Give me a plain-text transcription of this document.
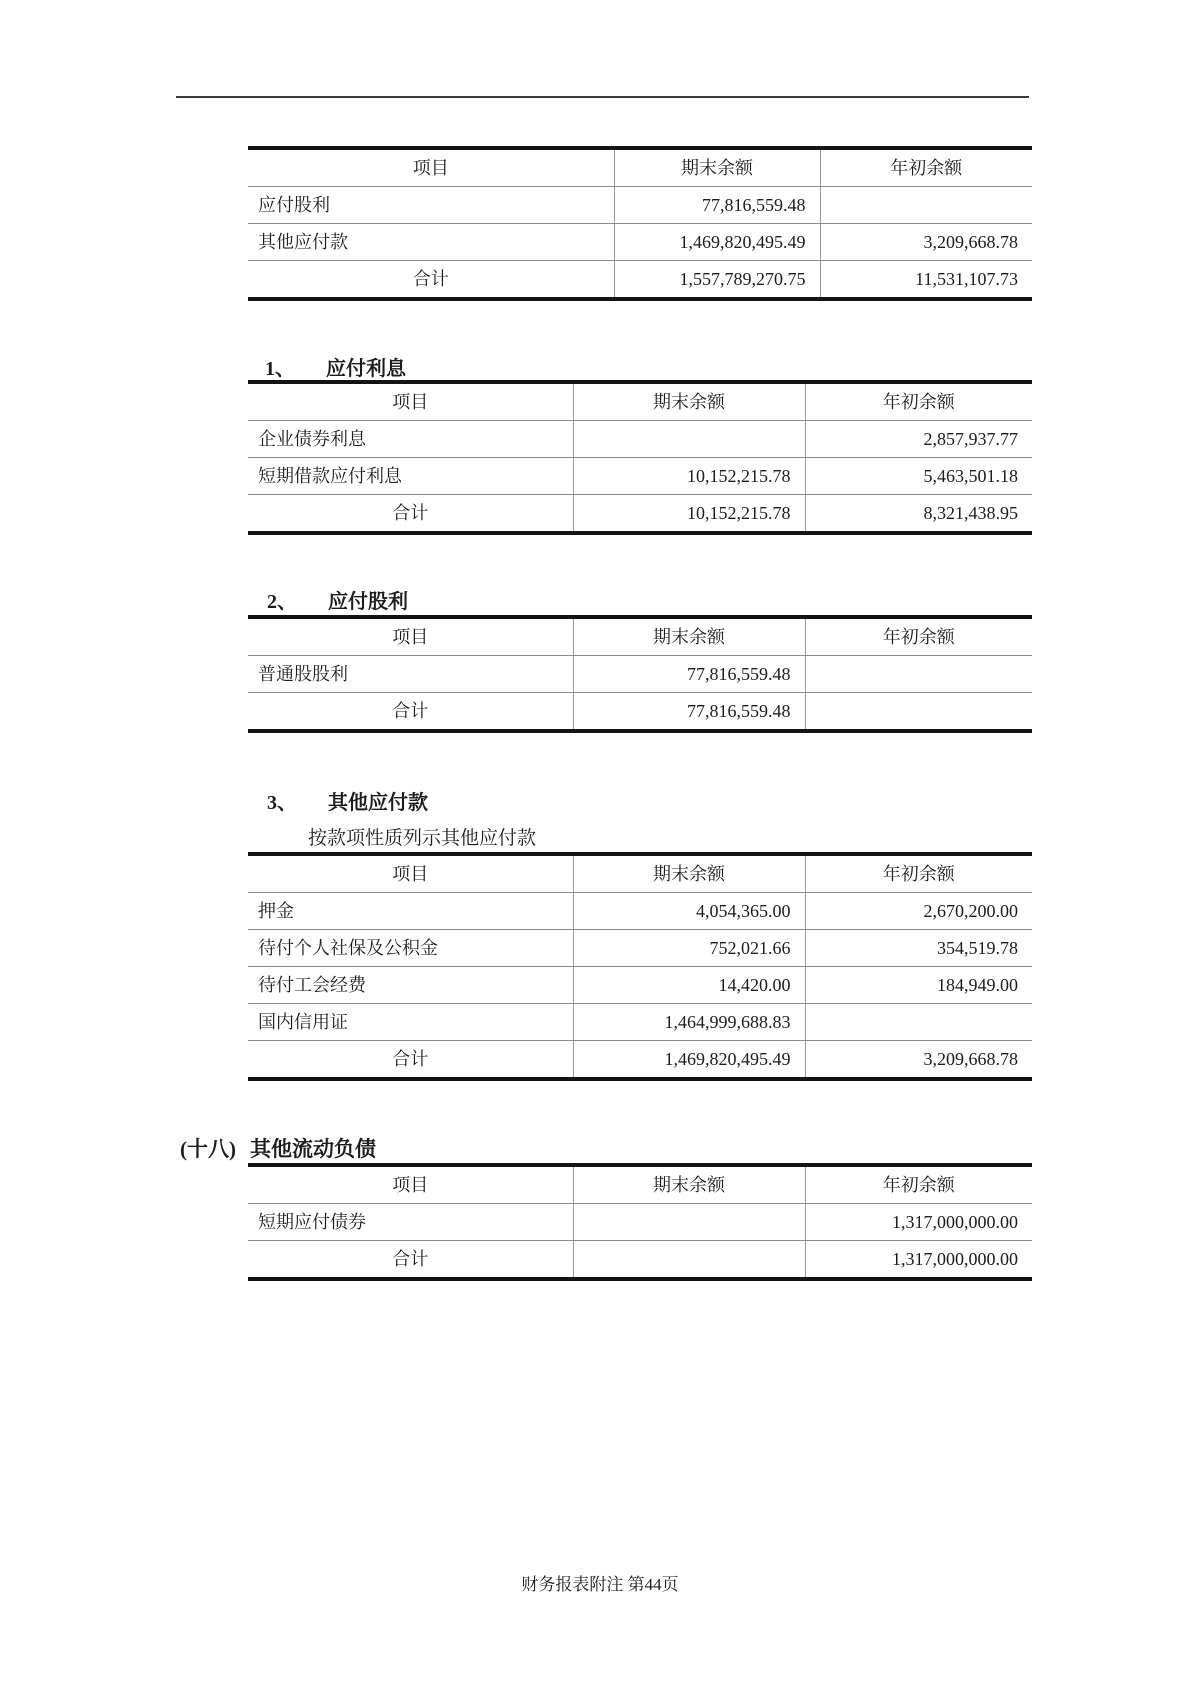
项目	期末余额	年初余额
应付股利	77,816,559.48	
其他应付款	1,469,820,495.49	3,209,668.78
合计	1,557,789,270.75	11,531,107.73
1、 应付利息
项目	期末余额	年初余额
企业债券利息		2,857,937.77
短期借款应付利息	10,152,215.78	5,463,501.18
合计	10,152,215.78	8,321,438.95
2、 应付股利
项目	期末余额	年初余额
普通股股利	77,816,559.48	
合计	77,816,559.48	
3、 其他应付款
按款项性质列示其他应付款
项目	期末余额	年初余额
押金	4,054,365.00	2,670,200.00
待付个人社保及公积金	752,021.66	354,519.78
待付工会经费	14,420.00	184,949.00
国内信用证	1,464,999,688.83	
合计	1,469,820,495.49	3,209,668.78
(十八) 其他流动负债
项目	期末余额	年初余额
短期应付债券		1,317,000,000.00
合计		1,317,000,000.00
财务报表附注 第44页
